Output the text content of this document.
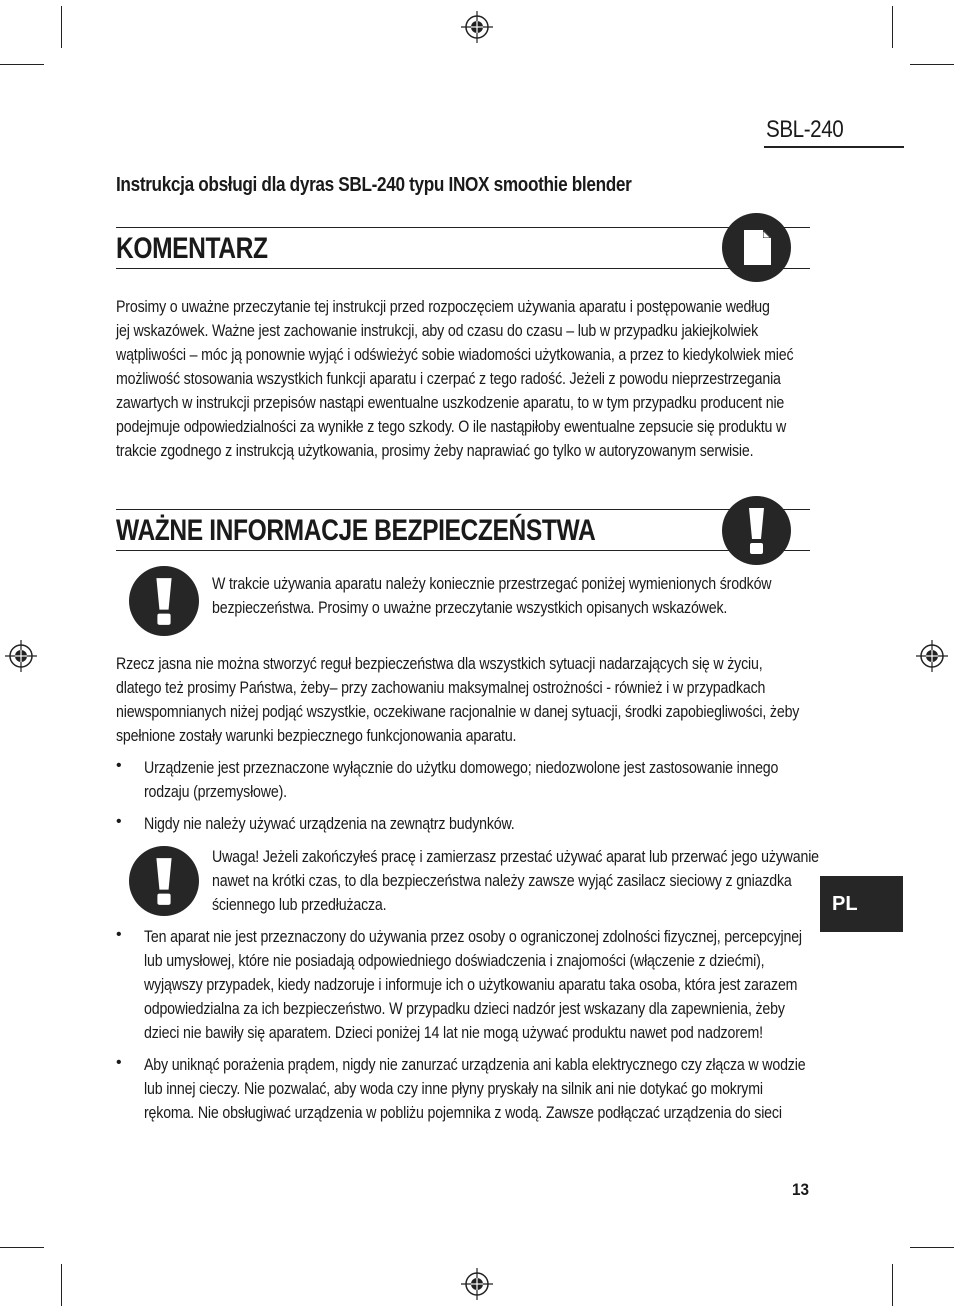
SBL-240
Instrukcja obsługi dla dyras SBL-240 typu INOX smoothie blender
KOMENTARZ
Prosimy o uważne przeczytanie tej instrukcji przed rozpoczęciem używania aparatu i postępowanie według
jej wskazówek. Ważne jest zachowanie instrukcji, aby od czasu do czasu – lub w przypadku jakiejkolwiek
wątpliwości – móc ją ponownie wyjąć i odświeżyć sobie wiadomości użytkowania, a przez to kiedykolwiek mieć
możliwość stosowania wszystkich funkcji aparatu i czerpać z tego radość. Jeżeli z powodu nieprzestrzegania
zawartych w instrukcji przepisów nastąpi ewentualne uszkodzenie aparatu, to w tym przypadku producent nie
podejmuje odpowiedzialności za wynikłe z tego szkody. O ile nastąpiłoby ewentualne zepsucie się produktu w
trakcie zgodnego z instrukcją użytkowania, prosimy żeby naprawiać go tylko w autoryzowanym serwisie.
WAŻNE INFORMACJE BEZPIECZEŃSTWA
W trakcie używania aparatu należy koniecznie przestrzegać poniżej wymienionych środków
bezpieczeństwa. Prosimy o uważne przeczytanie wszystkich opisanych wskazówek.
Rzecz jasna nie można stworzyć reguł bezpieczeństwa dla wszystkich sytuacji nadarzających się w życiu,
dlatego też prosimy Państwa, żeby– przy zachowaniu maksymalnej ostrożności - również i w przypadkach
niewspomnianych niżej podjąć wszystkie, oczekiwane racjonalnie w danej sytuacji, środki zapobiegliwości, żeby
spełnione zostały warunki bezpiecznego funkcjonowania aparatu.
• Urządzenie jest przeznaczone wyłącznie do użytku domowego; niedozwolone jest zastosowanie innego
rodzaju (przemysłowe).
• Nigdy nie należy używać urządzenia na zewnątrz budynków.
Uwaga! Jeżeli zakończyłeś pracę i zamierzasz przestać używać aparat lub przerwać jego używanie
nawet na krótki czas, to dla bezpieczeństwa należy zawsze wyjąć zasilacz sieciowy z gniazdka
ściennego lub przedłużacza.
• Ten aparat nie jest przeznaczony do używania przez osoby o ograniczonej zdolności fizycznej, percepcyjnej
lub umysłowej, które nie posiadają odpowiedniego doświadczenia i znajomości (włączenie z dziećmi),
wyjąwszy przypadek, kiedy nadzoruje i informuje ich o użytkowaniu aparatu taka osoba, która jest zarazem
odpowiedzialna za ich bezpieczeństwo. W przypadku dzieci nadzór jest wskazany dla zapewnienia, żeby
dzieci nie bawiły się aparatem. Dzieci poniżej 14 lat nie mogą używać produktu nawet pod nadzorem!
• Aby uniknąć porażenia prądem, nigdy nie zanurzać urządzenia ani kabla elektrycznego czy złącza w wodzie
lub innej cieczy. Nie pozwalać, aby woda czy inne płyny pryskały na silnik ani nie dotykać go mokrymi
rękoma. Nie obsługiwać urządzenia w pobliżu pojemnika z wodą. Zawsze podłączać urządzenia do sieci
PL
13
